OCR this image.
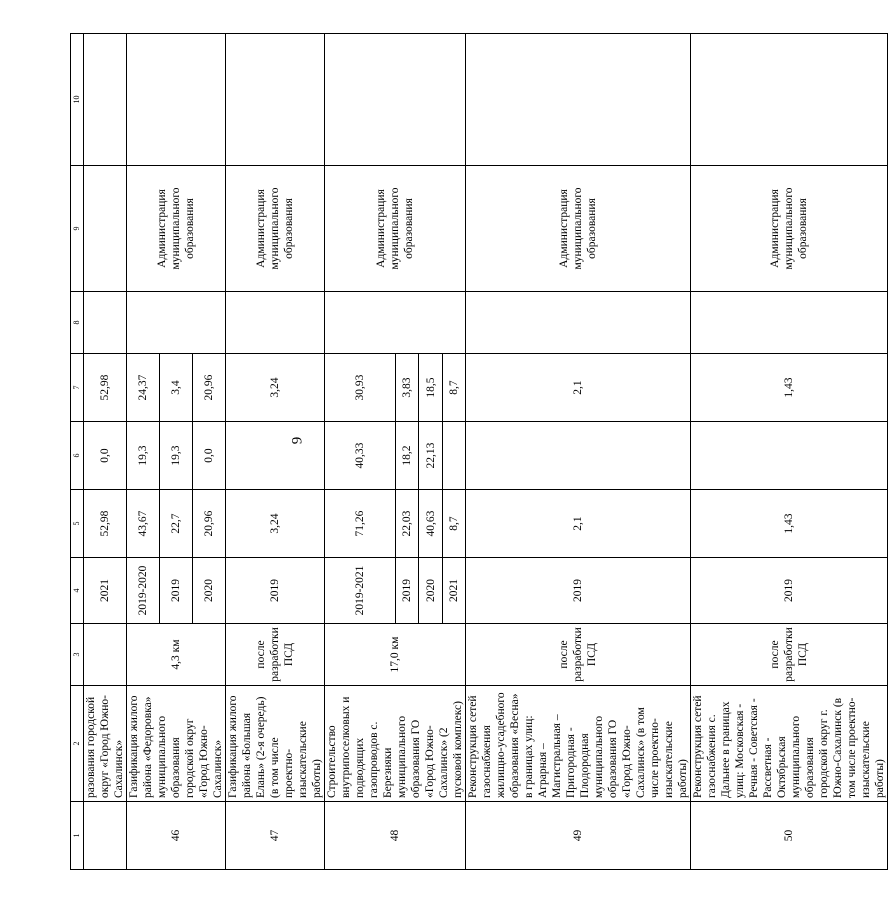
9
1	2	3	4	5	6	7	8	9	10
	разования городской округ «Город Южно-Сахалинск»		2021	52,98	0,0	52,98			
46	Газификация жилого района «Федоровка» муниципального образования городской округ «Город Южно-Сахалинск»	4,3 км	2019-2020	43,67	19,3	24,37		Администрация муниципального образования	
			2019	22,7	19,3	3,4			
			2020	20,96	0,0	20,96			
47	Газификация жилого района «Большая Елань» (2-я очередь) (в том числе проектно-изыскательские работы)	после разработки ПСД	2019	3,24		3,24		Администрация муниципального образования	
48	Строительство внутрипоселковых и подводящих газопроводов с. Березняки муниципального образования ГО «Город Южно-Сахалинск» (2 пусковой комплекс)	17,0 км	2019-2021	71,26	40,33	30,93		Администрация муниципального образования	
			2019	22,03	18,2	3,83			
			2020	40,63	22,13	18,5			
			2021	8,7		8,7			
49	Реконструкция сетей газоснабжения жилищно-усадебного образования «Весна» в границах улиц: Аграрная – Магистральная – Пригородная - Плодородная муниципального образования ГО «Город Южно-Сахалинск» (в том числе проектно-изыскательские работы)	после разработки ПСД	2019	2,1		2,1		Администрация муниципального образования	
50	Реконструкция сетей газоснабжения с. Дальнее в границах улиц: Московская - Речная - Советская - Рассветная - Октябрьская муниципального образования городской округ г. Южно-Сахалинск (в том числе проектно-изыскательские работы)	после разработки ПСД	2019	1,43		1,43		Администрация муниципального образования	
